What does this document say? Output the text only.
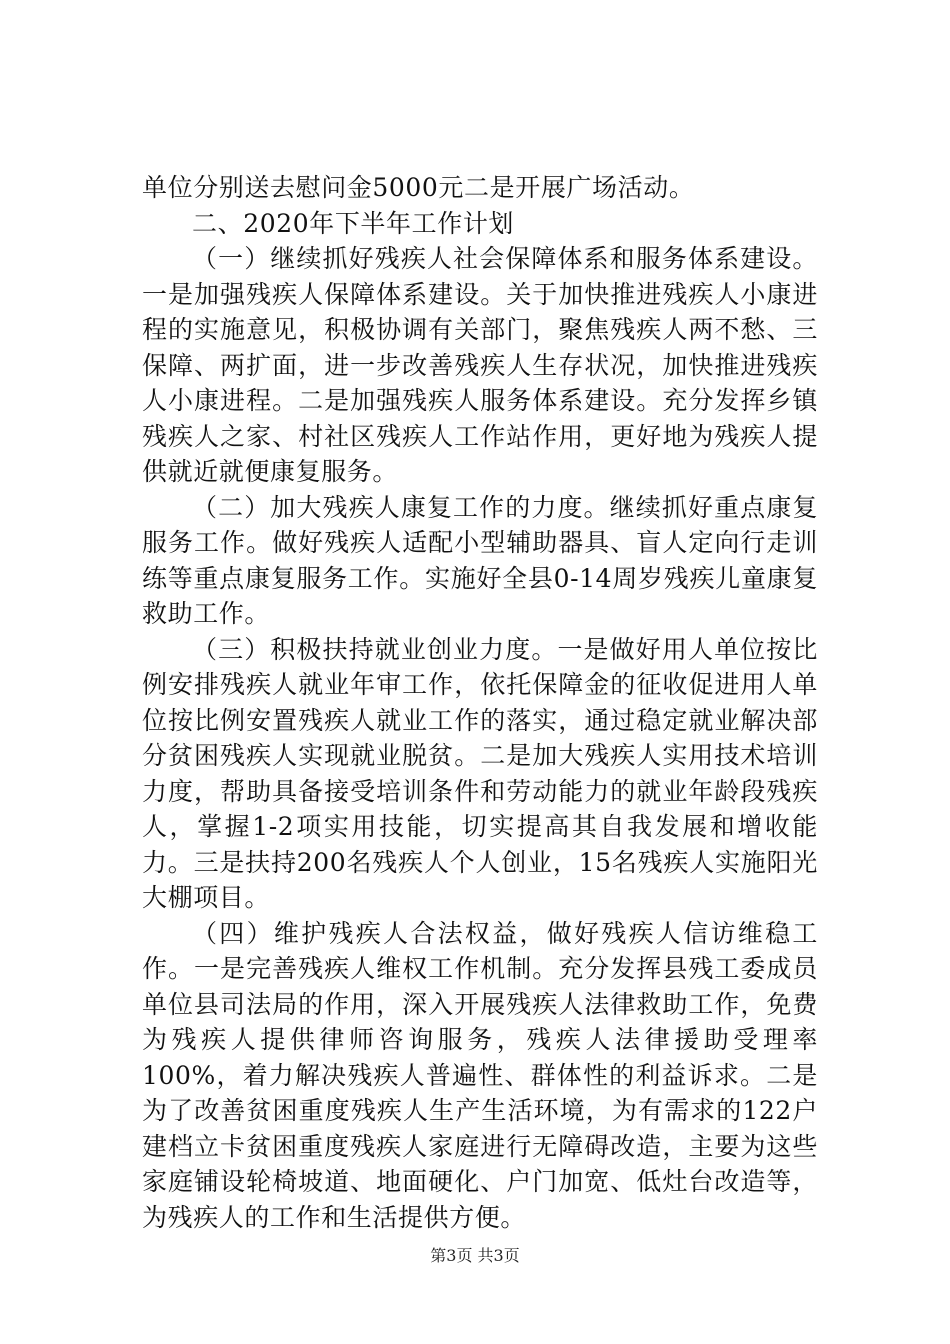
单位分别送去慰问金5000元二是开展广场活动。

二、2020年下半年工作计划

（一）继续抓好残疾人社会保障体系和服务体系建设。一是加强残疾人保障体系建设。关于加快推进残疾人小康进程的实施意见，积极协调有关部门，聚焦残疾人两不愁、三保障、两扩面，进一步改善残疾人生存状况，加快推进残疾人小康进程。二是加强残疾人服务体系建设。充分发挥乡镇残疾人之家、村社区残疾人工作站作用，更好地为残疾人提供就近就便康复服务。

（二）加大残疾人康复工作的力度。继续抓好重点康复服务工作。做好残疾人适配小型辅助器具、盲人定向行走训练等重点康复服务工作。实施好全县0-14周岁残疾儿童康复救助工作。

（三）积极扶持就业创业力度。一是做好用人单位按比例安排残疾人就业年审工作，依托保障金的征收促进用人单位按比例安置残疾人就业工作的落实，通过稳定就业解决部分贫困残疾人实现就业脱贫。二是加大残疾人实用技术培训力度，帮助具备接受培训条件和劳动能力的就业年龄段残疾人，掌握1-2项实用技能，切实提高其自我发展和增收能力。三是扶持200名残疾人个人创业，15名残疾人实施阳光大棚项目。

（四）维护残疾人合法权益，做好残疾人信访维稳工作。一是完善残疾人维权工作机制。充分发挥县残工委成员单位县司法局的作用，深入开展残疾人法律救助工作，免费为残疾人提供律师咨询服务，残疾人法律援助受理率100%，着力解决残疾人普遍性、群体性的利益诉求。二是为了改善贫困重度残疾人生产生活环境，为有需求的122户建档立卡贫困重度残疾人家庭进行无障碍改造，主要为这些家庭铺设轮椅坡道、地面硬化、户门加宽、低灶台改造等，为残疾人的工作和生活提供方便。

第3页 共3页
